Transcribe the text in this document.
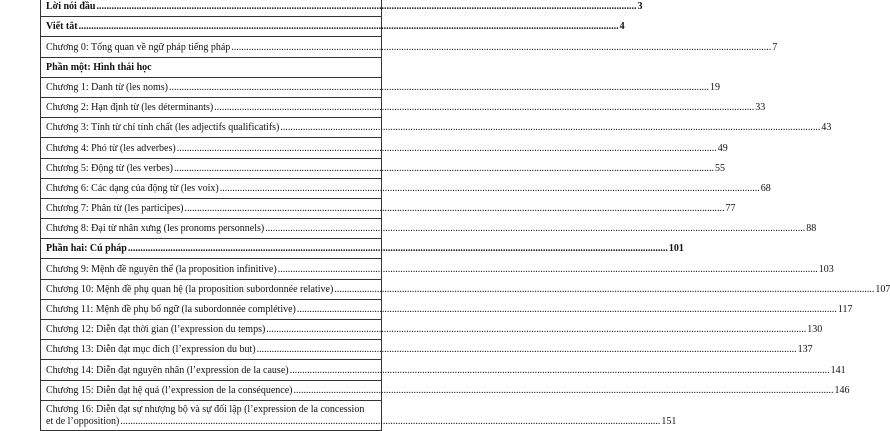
Lời nói đầu .....	3
Viết tắt .....	4
Chương 0: Tổng quan về ngữ pháp tiếng pháp .....	7
Phần một: Hình thái học
Chương 1: Danh từ (les noms) .....	19
Chương 2: Hạn định từ (les déterminants) .....	33
Chương 3: Tính từ chỉ tính chất (les adjectifs qualificatifs) .....	43
Chương 4: Phó từ (les adverbes) .....	49
Chương 5: Động từ (les verbes) .....	55
Chương 6: Các dạng của động từ (les voix) .....	68
Chương 7: Phân từ (les participes) .....	77
Chương 8: Đại từ nhân xưng (les pronoms personnels) .....	88
Phần hai: Cú pháp .....	101
Chương 9: Mệnh đề nguyên thể (la proposition infinitive) .....	103
Chương 10: Mệnh đề phụ quan hệ (la proposition subordonnée relative) .....	107
Chương 11: Mệnh đề phụ bổ ngữ (la subordonnée complétive) .....	117
Chương 12: Diễn đạt thời gian (l’expression du temps) .....	130
Chương 13: Diễn đạt mục đích (l’expression du but) .....	137
Chương 14: Diễn đạt nguyên nhân (l’expression de la cause) .....	141
Chương 15: Diễn đạt hệ quả (l’expression de la conséquence) .....	146
Chương 16: Diễn đạt sự nhượng bộ và sự đối lập (l’expression de la concession
et de l’opposition) .....	151
